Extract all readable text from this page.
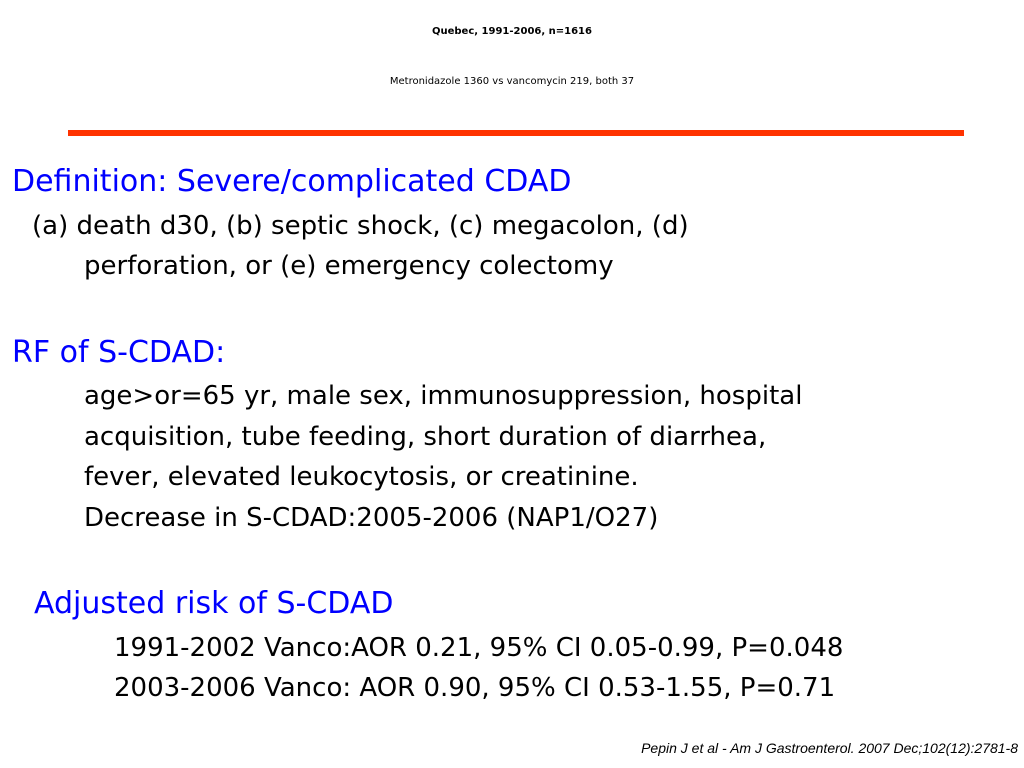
Quebec, 1991-2006, n=1616
Metronidazole 1360 vs vancomycin 219, both 37
Definition: Severe/complicated CDAD
(a) death d30, (b) septic shock, (c) megacolon, (d)
perforation, or (e) emergency colectomy
RF of S-CDAD:
age>or=65 yr, male sex, immunosuppression, hospital
acquisition, tube feeding, short duration of diarrhea,
fever, elevated leukocytosis, or creatinine.
Decrease in S-CDAD:2005-2006 (NAP1/O27)
Adjusted risk of S-CDAD
1991-2002 Vanco:AOR 0.21, 95% CI 0.05-0.99, P=0.048
2003-2006 Vanco: AOR 0.90, 95% CI 0.53-1.55, P=0.71
Pepin J et al - Am J Gastroenterol. 2007 Dec;102(12):2781-8
